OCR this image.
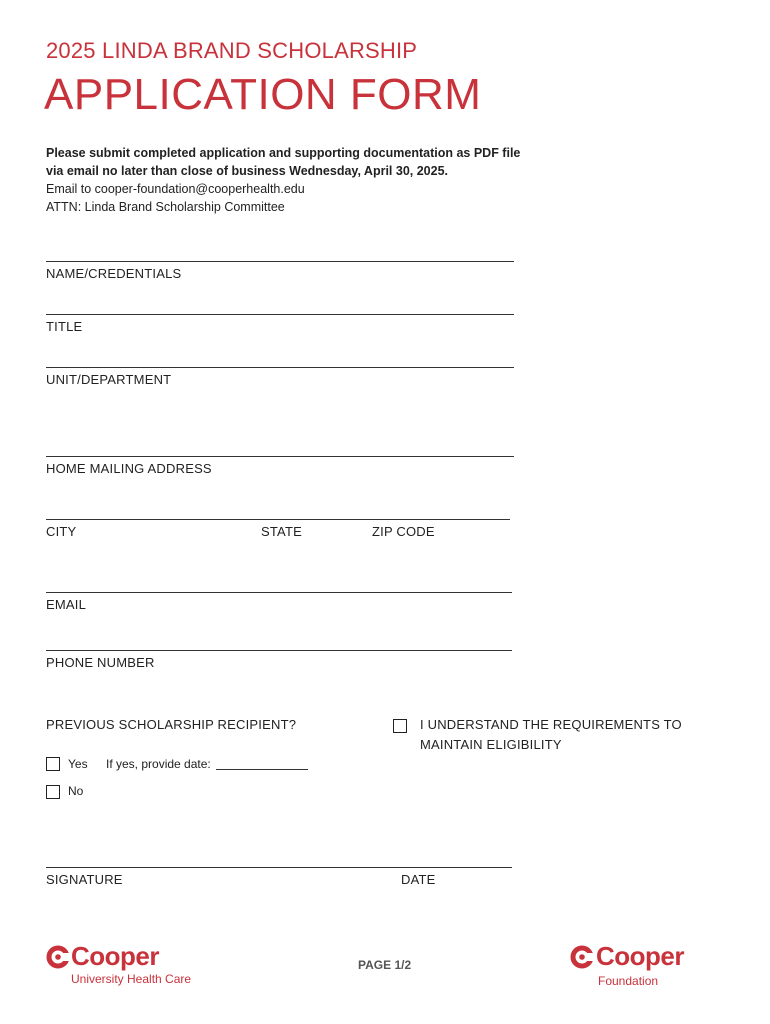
2025 LINDA BRAND SCHOLARSHIP
APPLICATION FORM
Please submit completed application and supporting documentation as PDF file
via email no later than close of business Wednesday, April 30, 2025.
Email to cooper-foundation@cooperhealth.edu
ATTN: Linda Brand Scholarship Committee
NAME/CREDENTIALS
TITLE
UNIT/DEPARTMENT
HOME MAILING ADDRESS
CITY	STATE	ZIP CODE
EMAIL
PHONE NUMBER
PREVIOUS SCHOLARSHIP RECIPIENT?	I UNDERSTAND THE REQUIREMENTS TO
MAINTAIN ELIGIBILITY
Yes If yes, provide date:
No
SIGNATURE	DATE
Cooper
University Health Care
PAGE 1/2	Cooper
Foundation
